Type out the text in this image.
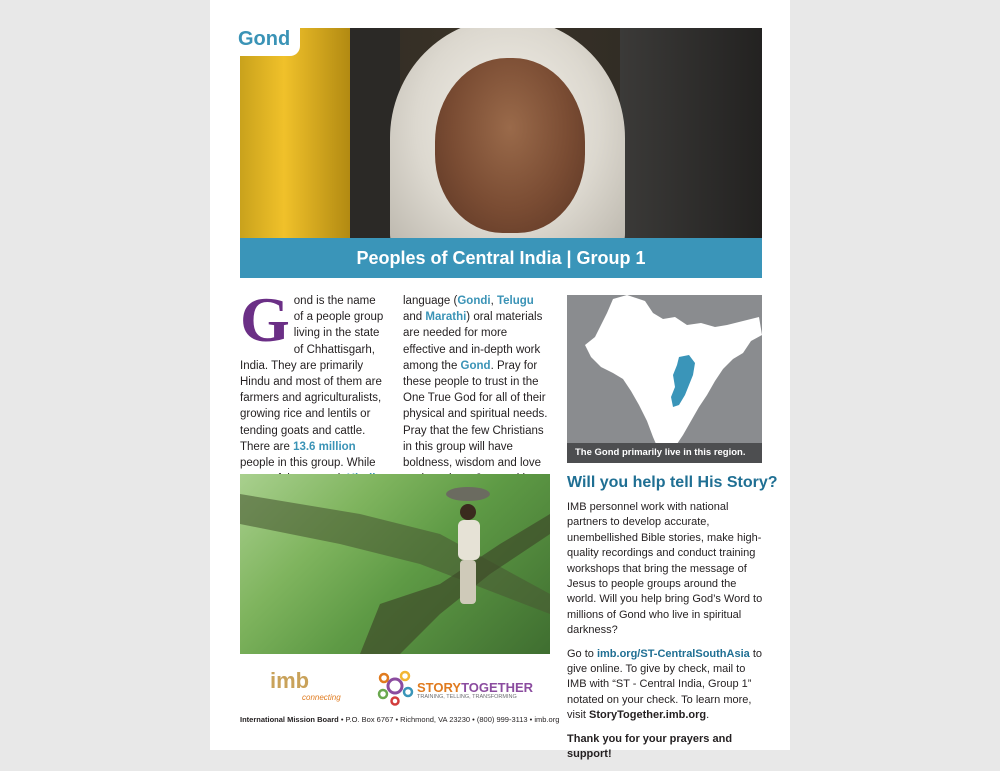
Gond
Peoples of Central India | Group 1
Gond is the name of a people group living in the state of Chhattisgarh, India. They are primarily Hindu and most of them are farmers and agriculturalists, growing rice and lentils or tending goats and cattle. There are 13.6 million people in this group. While
language (Gondi, Telugu and Marathi) oral materials are needed for more effective and in-depth work among the Gond. Pray for these people to trust in the One True God for all of their physical and spiritual needs. Pray that the few Christians in this group will have boldness, wisdom and love
The Gond primarily live in this region.
Will you help tell His Story?

IMB personnel work with national partners to develop accurate, unembellished Bible stories, make high-quality recordings and conduct training workshops that bring the message of Jesus to people groups around the world. Will you help bring God’s Word to millions of Gond who live in spiritual darkness?

Go to imb.org/ST-CentralSouthAsia to give online. To give by check, mail to IMB with “ST - Central India, Group 1” notated on your check. To learn more, visit StoryTogether.imb.org.

Thank you for your prayers and support!

imb
connecting
STORYTOGETHER
TRAINING, TELLING, TRANSFORMING
International Mission Board • P.O. Box 6767 • Richmond, VA 23230 • (800) 999-3113 • imb.org
